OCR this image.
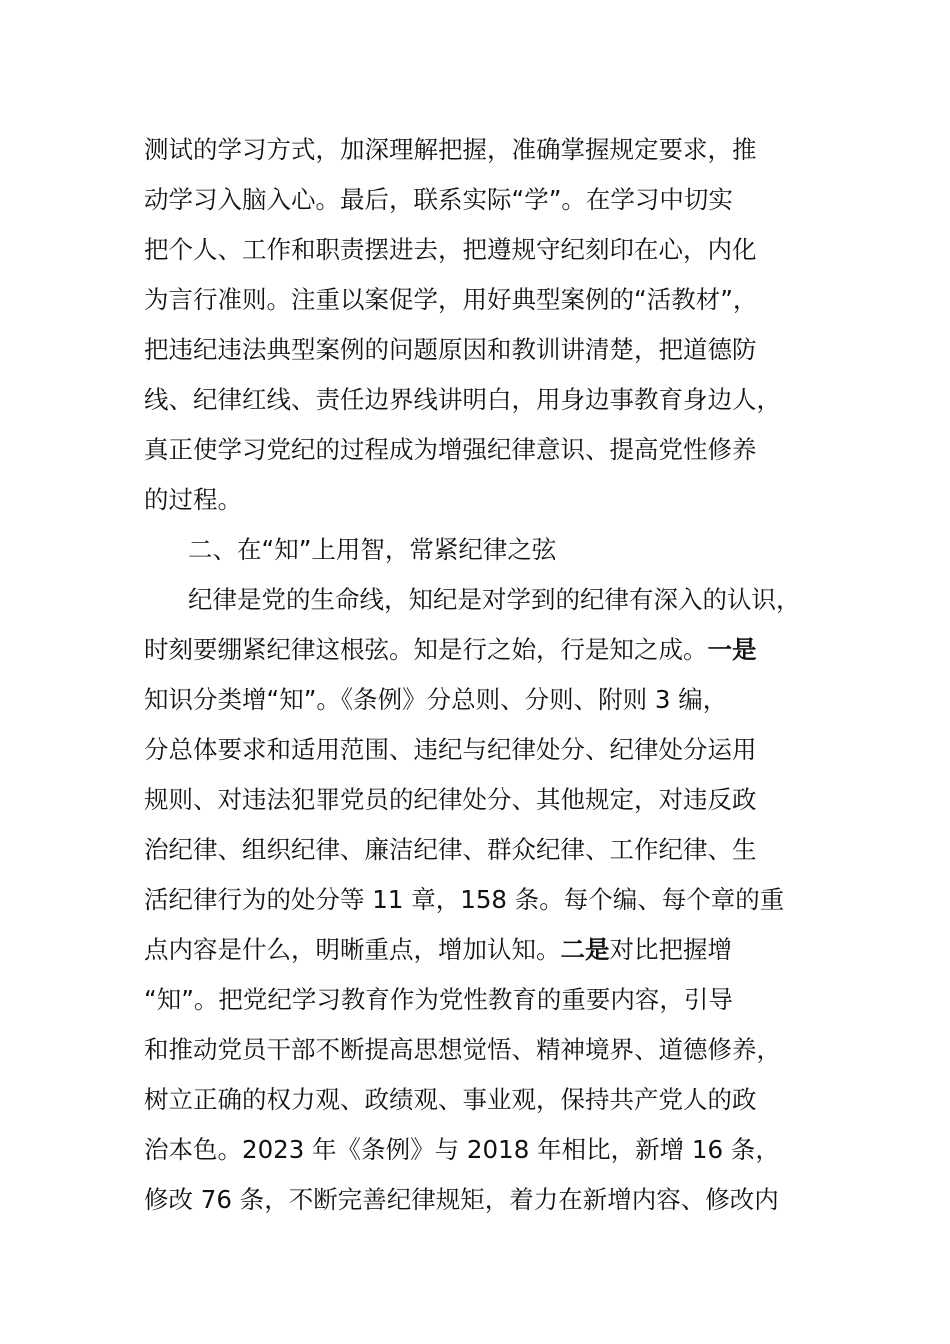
测试的学习方式，加深理解把握，准确掌握规定要求，推
动学习入脑入心。最后，联系实际“学”。在学习中切实
把个人、工作和职责摆进去，把遵规守纪刻印在心，内化
为言行准则。注重以案促学，用好典型案例的“活教材”，
把违纪违法典型案例的问题原因和教训讲清楚，把道德防
线、纪律红线、责任边界线讲明白，用身边事教育身边人，
真正使学习党纪的过程成为增强纪律意识、提高党性修养
的过程。
二、在“知”上用智，常紧纪律之弦
纪律是党的生命线，知纪是对学到的纪律有深入的认识，
时刻要绷紧纪律这根弦。知是行之始，行是知之成。一是
知识分类增“知”。《条例》分总则、分则、附则 3 编，
分总体要求和适用范围、违纪与纪律处分、纪律处分运用
规则、对违法犯罪党员的纪律处分、其他规定，对违反政
治纪律、组织纪律、廉洁纪律、群众纪律、工作纪律、生
活纪律行为的处分等 11 章，158 条。每个编、每个章的重
点内容是什么，明晰重点，增加认知。二是对比把握增
“知”。把党纪学习教育作为党性教育的重要内容，引导
和推动党员干部不断提高思想觉悟、精神境界、道德修养，
树立正确的权力观、政绩观、事业观，保持共产党人的政
治本色。2023 年《条例》与 2018 年相比，新增 16 条，
修改 76 条，不断完善纪律规矩，着力在新增内容、修改内
